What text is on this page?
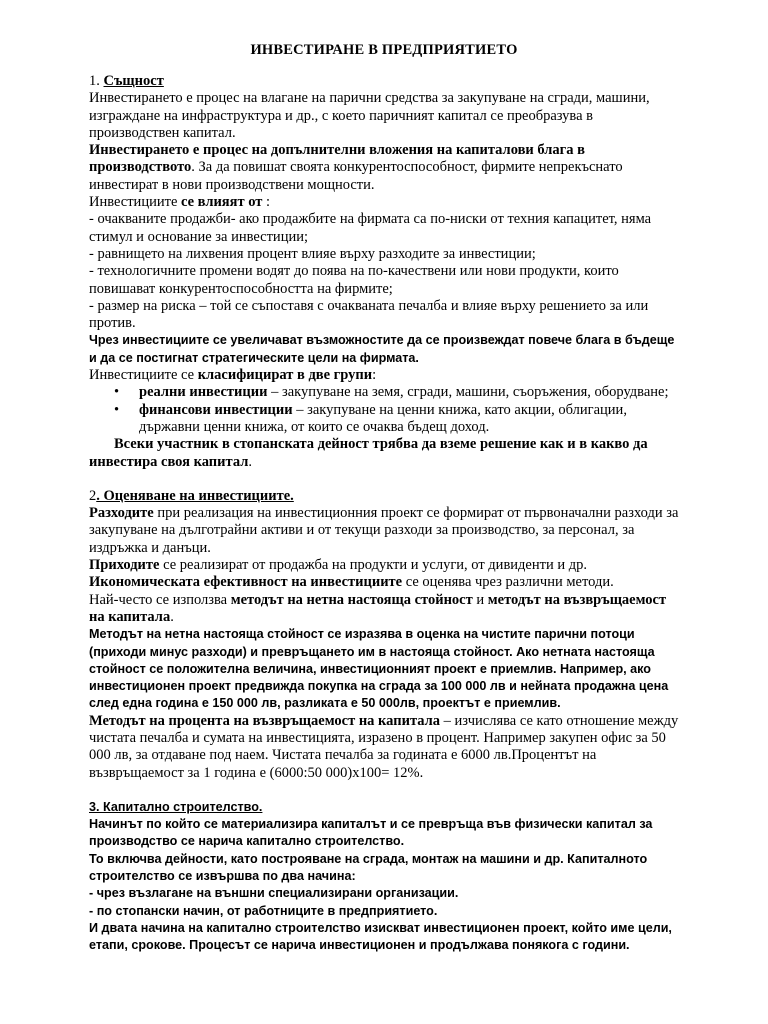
ИНВЕСТИРАНЕ В ПРЕДПРИЯТИЕТО

1. Същност

Инвестирането е процес на влагане на парични средства за закупуване на сгради, машини, изграждане на инфраструктура и др., с което паричният капитал се преобразува в производствен капитал.

Инвестирането е процес на допълнителни вложения на капиталови блага в производството. За да повишат своята конкурентоспособност, фирмите непрекъснато инвестират в нови производствени мощности.

Инвестициите се влияят от :

- очакваните продажби- ако продажбите на фирмата са по-ниски от техния капацитет, няма стимул и основание за инвестиции;

- равнището на лихвения процент влияе върху разходите за инвестиции;

- технологичните промени водят до поява на по-качествени или нови продукти, които повишават конкурентоспособността на фирмите;

- размер на риска – той се съпоставя с очакваната печалба и влияе върху решението за или против.

Чрез инвестициите се увеличават възможностите да се произвеждат повече блага в бъдеще и да се постигнат стратегическите цели на фирмата.

Инвестициите се класифицират в две групи:

• реални инвестиции – закупуване на земя, сгради, машини, съоръжения, оборудване;
• финансови инвестиции – закупуване на ценни книжа, като акции, облигации, държавни ценни книжа, от които се очаква бъдещ доход.

Всеки участник в стопанската дейност трябва да вземе решение как и в какво да инвестира своя капитал.

2. Оценяване на инвестициите.

Разходите при реализация на инвестиционния проект се формират от първоначални разходи за закупуване на дълготрайни активи и от текущи разходи за производство, за персонал, за издръжка и данъци.

Приходите се реализират от продажба на продукти и услуги, от дивиденти и др.

Икономическата ефективност на инвестициите се оценява чрез различни методи.

Най-често се използва методът на нетна настояща стойност и методът на възвръщаемост на капитала.

Методът на нетна настояща стойност се изразява в оценка на чистите парични потоци (приходи минус разходи) и превръщането им в настояща стойност. Ако нетната настояща стойност се положителна величина, инвестиционният проект е приемлив. Например, ако инвестиционен проект предвижда покупка на сграда за 100 000 лв и нейната продажна цена след една година е 150 000 лв, разликата е 50 000лв, проектът е приемлив.

Методът на процента на възвръщаемост на капитала – изчислява се като отношение между чистата печалба и сумата на инвестицията, изразено в процент. Например закупен офис за 50 000 лв, за отдаване под наем. Чистата печалба за годината е 6000 лв.Процентът на възвръщаемост за 1 година е (6000:50 000)х100= 12%.

3. Капитално строителство.

Начинът по който се материализира капиталът и се превръща във физически капитал за производство се нарича капитално строителство.

То включва дейности, като построяване на сграда, монтаж на машини и др. Капиталното строителство се извършва по два начина:

- чрез възлагане на външни специализирани организации.

- по стопански начин, от работниците в предприятието.

И двата начина на капитално строителство изискват инвестиционен проект, който име цели, етапи, срокове. Процесът се нарича инвестиционен и продължава понякога с години.
